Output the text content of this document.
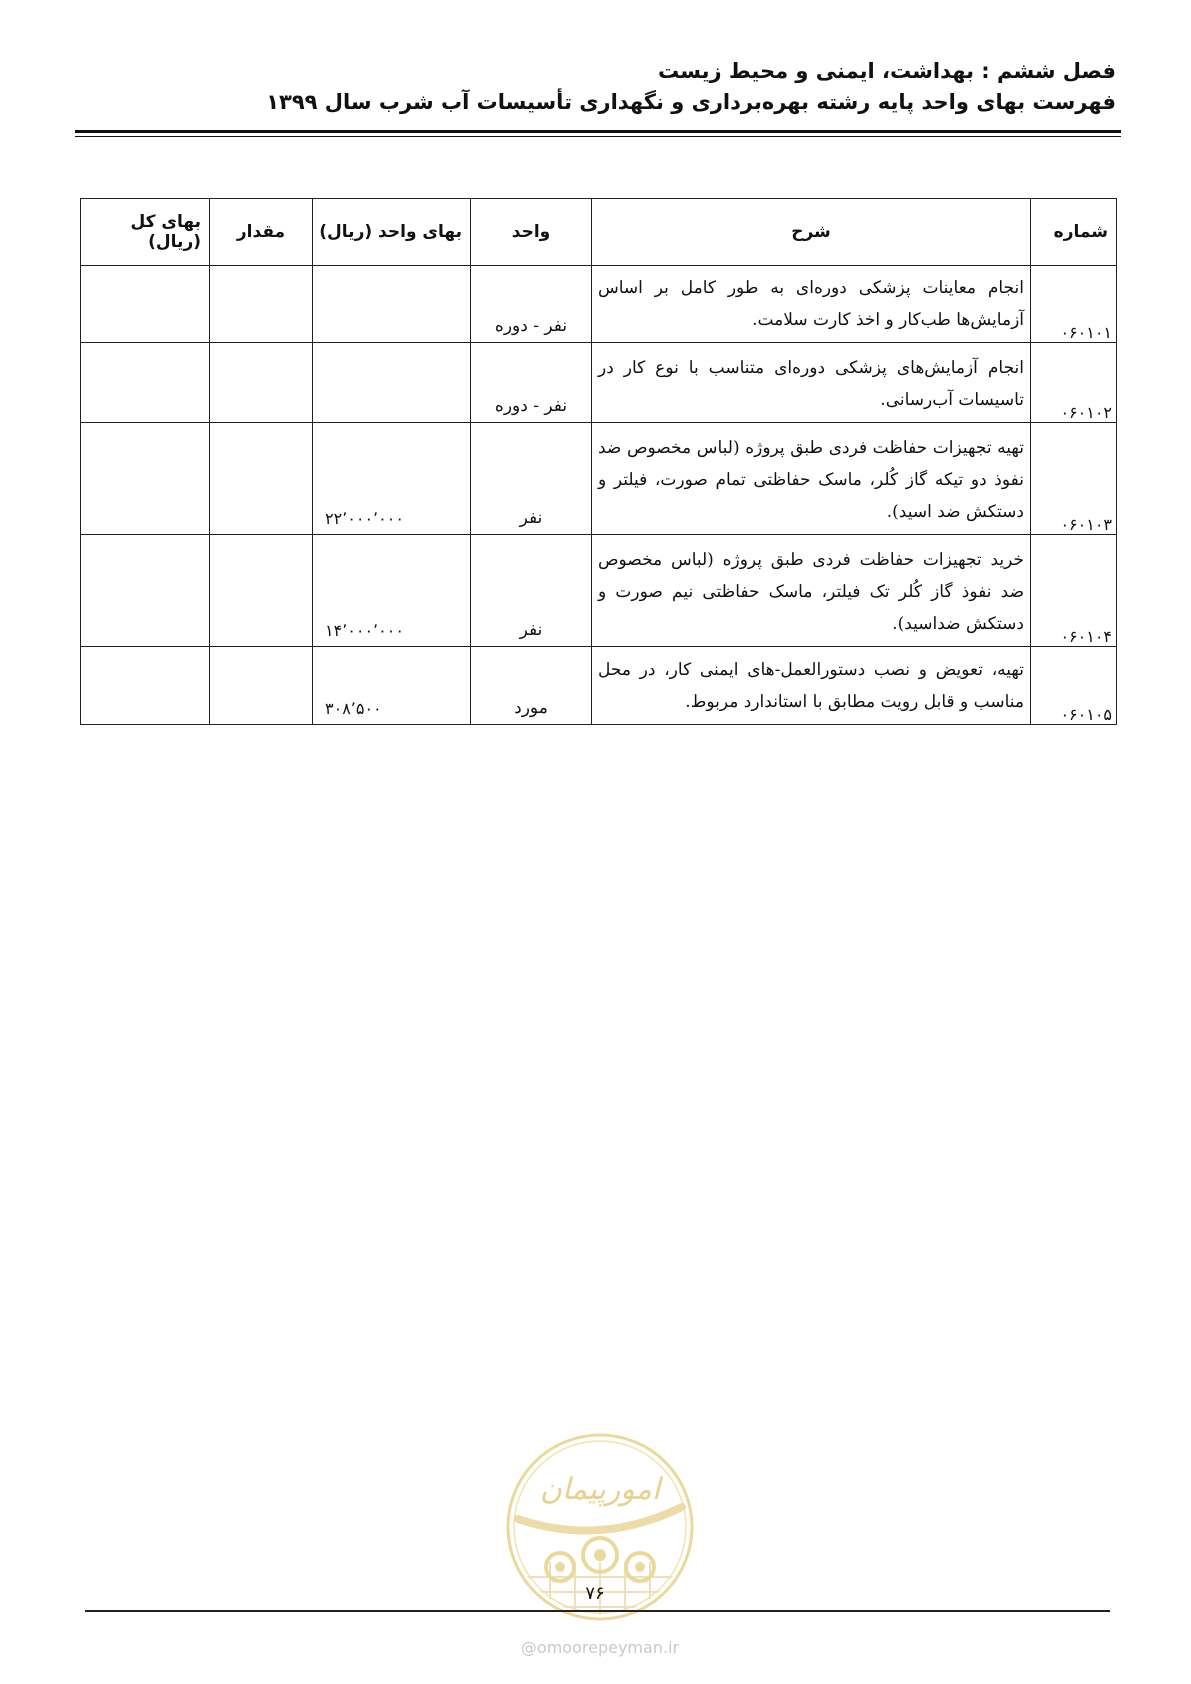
فصل ششم : بهداشت، ایمنی و محیط زیست
فهرست بهای واحد پایه رشته بهره‌برداری و نگهداری تأسیسات آب شرب سال ۱۳۹۹
شماره	شرح	واحد	بهای واحد (ریال)	مقدار	بهای کل (ریال)
۰۶۰۱۰۱	انجام معاینات پزشکی دوره‌ای به طور کامل بر اساس آزمایش‌ها طب‌کار و اخذ کارت سلامت.	نفر - دوره			
۰۶۰۱۰۲	انجام آزمایش‌های پزشکی دوره‌ای متناسب با نوع کار در تاسیسات آب‌رسانی.	نفر - دوره			
۰۶۰۱۰۳	تهیه تجهیزات حفاظت فردی طبق پروژه (لباس مخصوص ضد نفوذ دو تیکه گاز کُلر، ماسک حفاظتی تمام صورت، فیلتر و دستکش ضد اسید).	نفر	۲۲٬۰۰۰٬۰۰۰		
۰۶۰۱۰۴	خرید تجهیزات حفاظت فردی طبق پروژه (لباس مخصوص ضد نفوذ گاز کُلر تک فیلتر، ماسک حفاظتی نیم صورت و دستکش ضداسید).	نفر	۱۴٬۰۰۰٬۰۰۰		
۰۶۰۱۰۵	تهیه، تعویض و نصب دستورالعمل-های ایمنی کار، در محل مناسب و قابل رویت مطابق با استاندارد مربوط.	مورد	۳۰۸٬۵۰۰		
امورپیمان
۷۶
@omoorepeyman.ir
